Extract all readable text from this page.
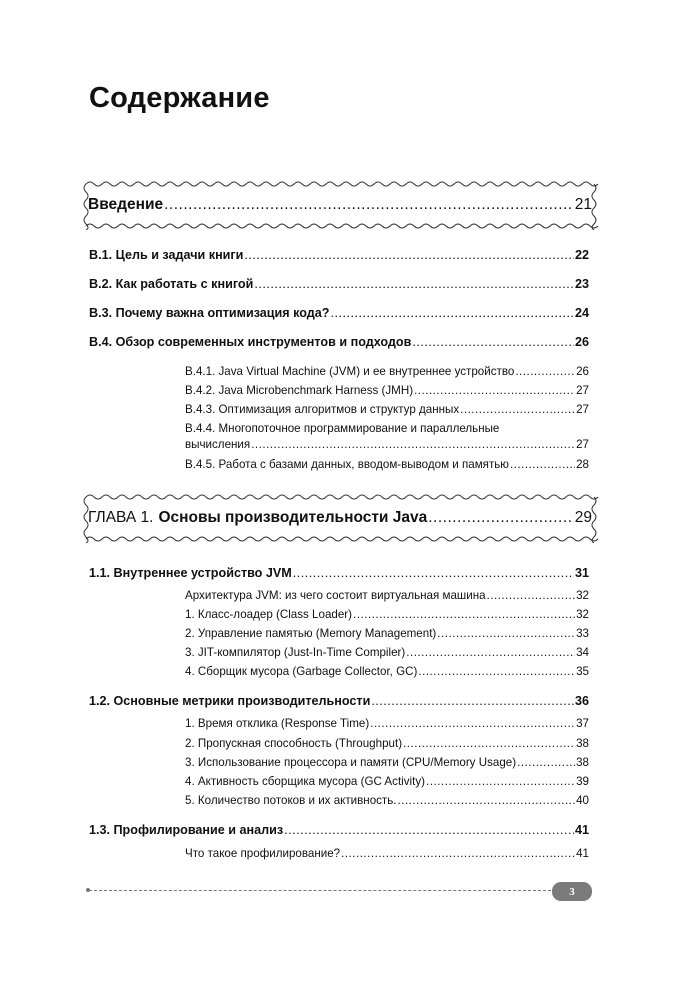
Содержание
Введение .....	21
В.1. Цель и задачи книги .....	22
В.2. Как работать с книгой .....	23
В.3. Почему важна оптимизация кода? .....	24
В.4. Обзор современных инструментов и подходов .....	26
В.4.1. Java Virtual Machine (JVM) и ее внутреннее устройство .....	26
В.4.2. Java Microbenchmark Harness (JMH) .....	27
В.4.3. Оптимизация алгоритмов и структур данных .....	27
В.4.4. Многопоточное программирование и параллельные
вычисления .....	27
В.4.5. Работа с базами данных, вводом-выводом и памятью .....	28
ГЛАВА 1. Основы производительности Java .....	29
1.1. Внутреннее устройство JVM .....	31
Архитектура JVM: из чего состоит виртуальная машина .....	32
1. Класс-лоадер (Class Loader) .....	32
2. Управление памятью (Memory Management) .....	33
3. JIT-компилятор (Just-In-Time Compiler) .....	34
4. Сборщик мусора (Garbage Collector, GC) .....	35
1.2. Основные метрики производительности .....	36
1. Время отклика (Response Time) .....	37
2. Пропускная способность (Throughput) .....	38
3. Использование процессора и памяти (CPU/Memory Usage) .....	38
4. Активность сборщика мусора (GC Activity) .....	39
5. Количество потоков и их активность. .....	40
1.3. Профилирование и анализ .....	41
Что такое профилирование? .....	41
3
